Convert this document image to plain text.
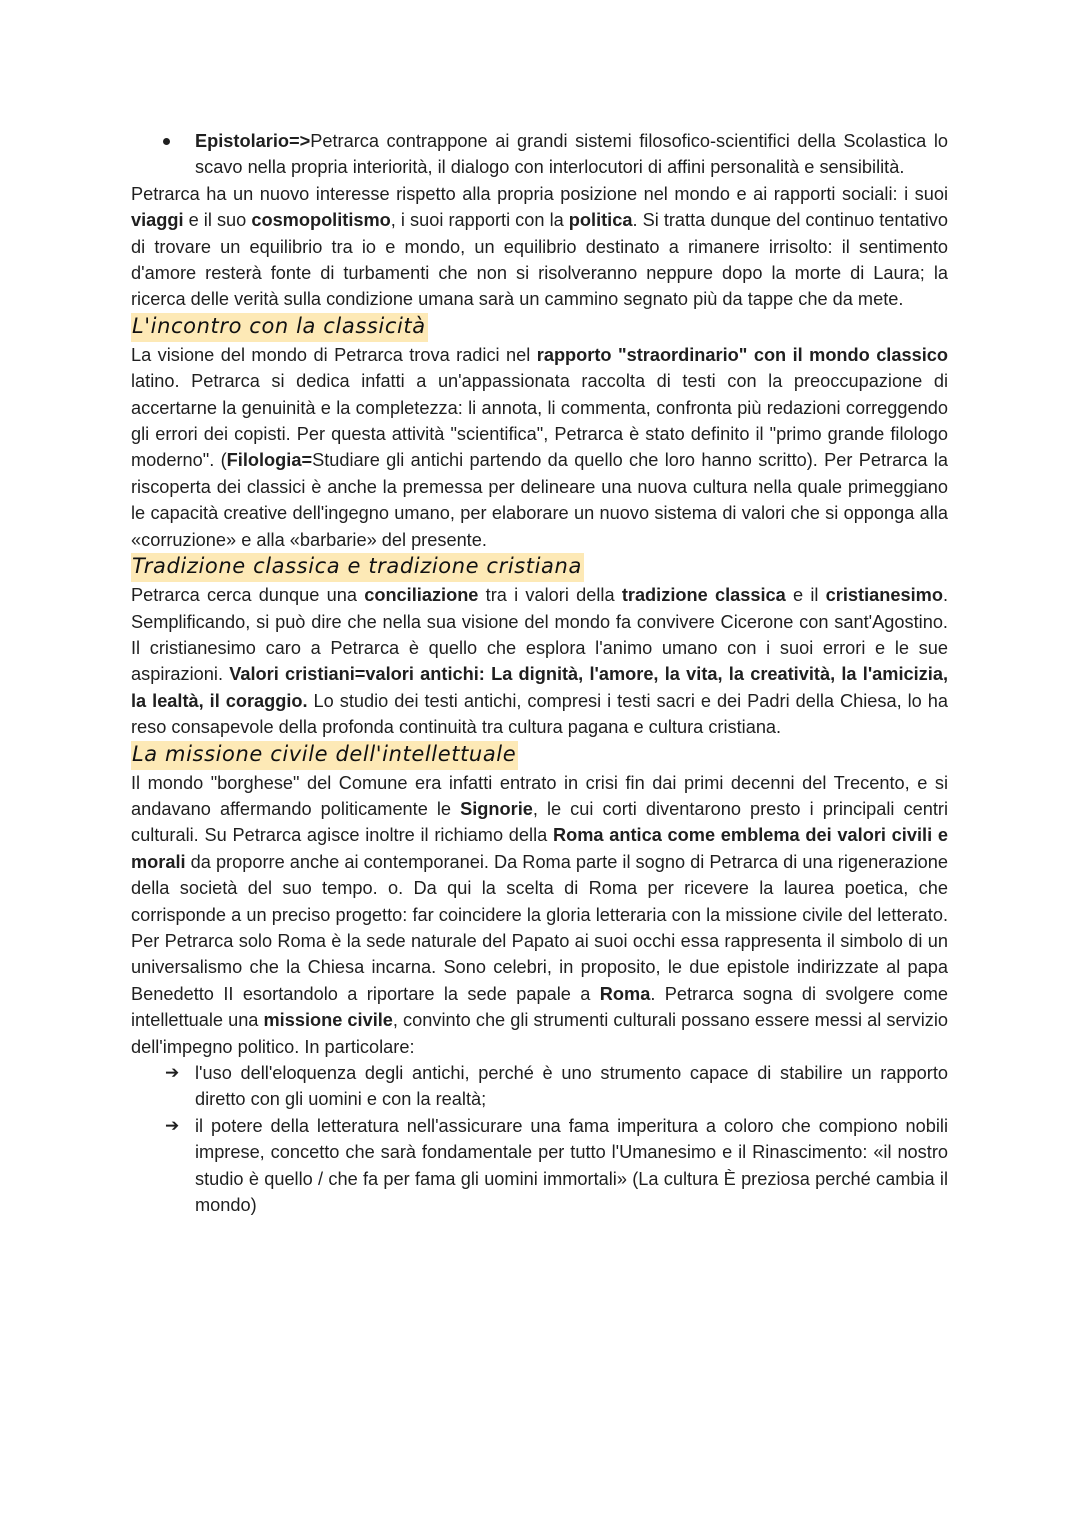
Epistolario=>Petrarca contrappone ai grandi sistemi filosofico-scientifici della Scolastica lo scavo nella propria interiorità, il dialogo con interlocutori di affini personalità e sensibilità.

Petrarca ha un nuovo interesse rispetto alla propria posizione nel mondo e ai rapporti sociali: i suoi viaggi e il suo cosmopolitismo, i suoi rapporti con la politica. Si tratta dunque del continuo tentativo di trovare un equilibrio tra io e mondo, un equilibrio destinato a rimanere irrisolto: il sentimento d'amore resterà fonte di turbamenti che non si risolveranno neppure dopo la morte di Laura; la ricerca delle verità sulla condizione umana sarà un cammino segnato più da tappe che da mete.

L'incontro con la classicità

La visione del mondo di Petrarca trova radici nel rapporto "straordinario" con il mondo classico latino. Petrarca si dedica infatti a un'appassionata raccolta di testi con la preoccupazione di accertarne la genuinità e la completezza: li annota, li commenta, confronta più redazioni correggendo gli errori dei copisti. Per questa attività "scientifica", Petrarca è stato definito il "primo grande filologo moderno". (Filologia=Studiare gli antichi partendo da quello che loro hanno scritto). Per Petrarca la riscoperta dei classici è anche la premessa per delineare una nuova cultura nella quale primeggiano le capacità creative dell'ingegno umano, per elaborare un nuovo sistema di valori che si opponga alla «corruzione» e alla «barbarie» del presente.

Tradizione classica e tradizione cristiana

Petrarca cerca dunque una conciliazione tra i valori della tradizione classica e il cristianesimo. Semplificando, si può dire che nella sua visione del mondo fa convivere Cicerone con sant'Agostino. Il cristianesimo caro a Petrarca è quello che esplora l'animo umano con i suoi errori e le sue aspirazioni. Valori cristiani=valori antichi: La dignità, l'amore, la vita, la creatività, la l'amicizia, la lealtà, il coraggio. Lo studio dei testi antichi, compresi i testi sacri e dei Padri della Chiesa, lo ha reso consapevole della profonda continuità tra cultura pagana e cultura cristiana.

La missione civile dell'intellettuale

Il mondo "borghese" del Comune era infatti entrato in crisi fin dai primi decenni del Trecento, e si andavano affermando politicamente le Signorie, le cui corti diventarono presto i principali centri culturali. Su Petrarca agisce inoltre il richiamo della Roma antica come emblema dei valori civili e morali da proporre anche ai contemporanei. Da Roma parte il sogno di Petrarca di una rigenerazione della società del suo tempo. o. Da qui la scelta di Roma per ricevere la laurea poetica, che corrisponde a un preciso progetto: far coincidere la gloria letteraria con la missione civile del letterato. Per Petrarca solo Roma è la sede naturale del Papato ai suoi occhi essa rappresenta il simbolo di un universalismo che la Chiesa incarna. Sono celebri, in proposito, le due epistole indirizzate al papa Benedetto II esortandolo a riportare la sede papale a Roma. Petrarca sogna di svolgere come intellettuale una missione civile, convinto che gli strumenti culturali possano essere messi al servizio dell'impegno politico. In particolare:

➔ l'uso dell'eloquenza degli antichi, perché è uno strumento capace di stabilire un rapporto diretto con gli uomini e con la realtà;
➔ il potere della letteratura nell'assicurare una fama imperitura a coloro che compiono nobili imprese, concetto che sarà fondamentale per tutto l'Umanesimo e il Rinascimento: «il nostro studio è quello / che fa per fama gli uomini immortali» (La cultura È preziosa perché cambia il mondo)
